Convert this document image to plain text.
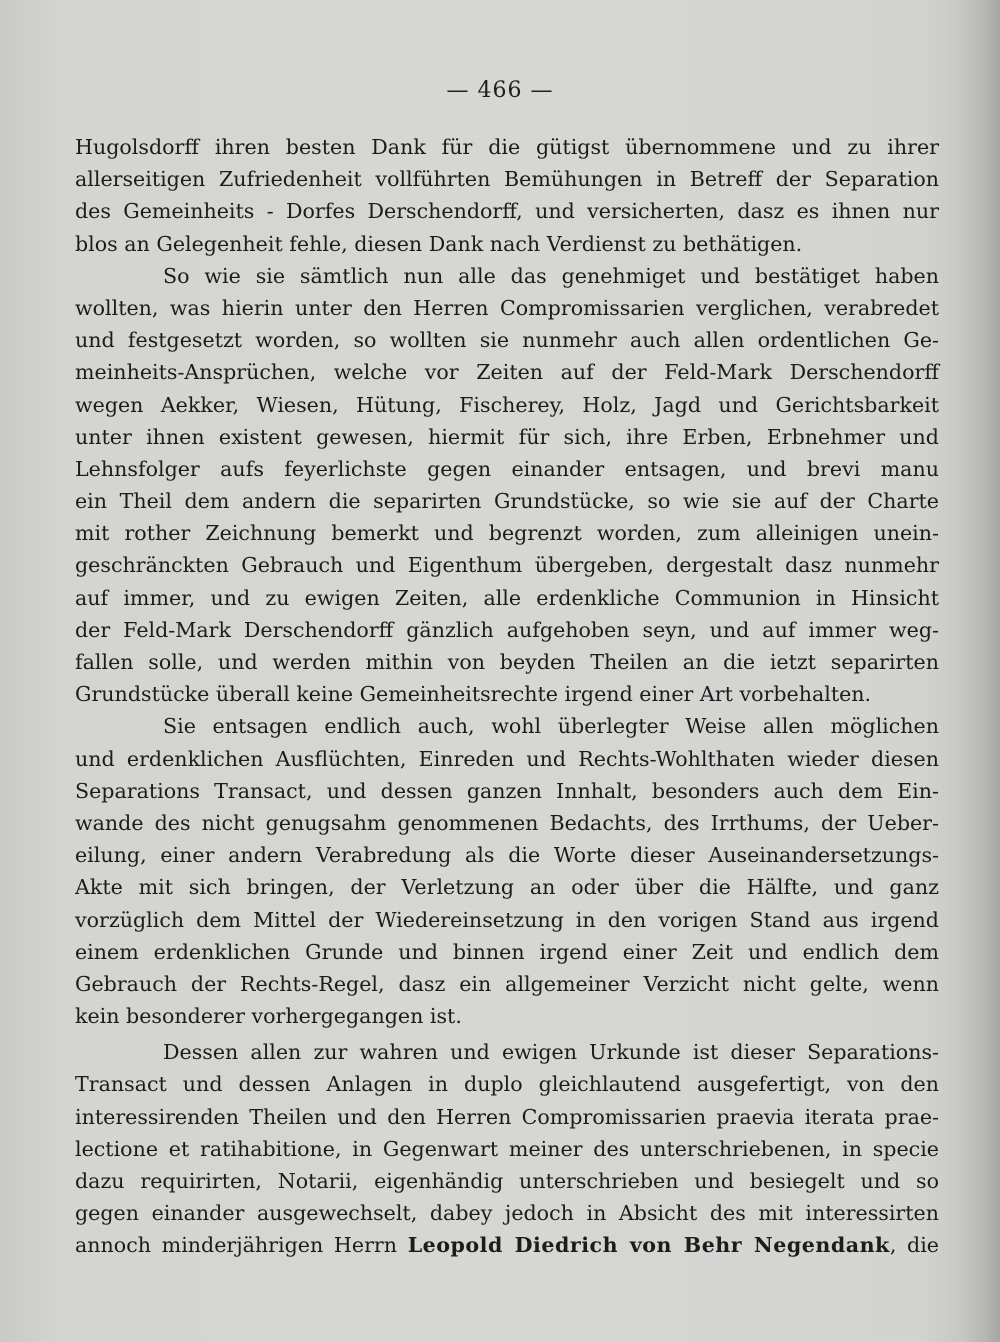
— 466 —
Hugolsdorff ihren besten Dank für die gütigst übernommene und zu ihrer
allerseitigen Zufriedenheit vollführten Bemühungen in Betreff der Separation
des Gemeinheits - Dorfes Derschendorff, und versicherten, dasz es ihnen nur
blos an Gelegenheit fehle, diesen Dank nach Verdienst zu bethätigen.
So wie sie sämtlich nun alle das genehmiget und bestätiget haben
wollten, was hierin unter den Herren Compromissarien verglichen, verabredet
und festgesetzt worden, so wollten sie nunmehr auch allen ordentlichen Ge-
meinheits-Ansprüchen, welche vor Zeiten auf der Feld-Mark Derschendorff
wegen Aekker, Wiesen, Hütung, Fischerey, Holz, Jagd und Gerichtsbarkeit
unter ihnen existent gewesen, hiermit für sich, ihre Erben, Erbnehmer und
Lehnsfolger aufs feyerlichste gegen einander entsagen, und brevi manu
ein Theil dem andern die separirten Grundstücke, so wie sie auf der Charte
mit rother Zeichnung bemerkt und begrenzt worden, zum alleinigen unein-
geschränckten Gebrauch und Eigenthum übergeben, dergestalt dasz nunmehr
auf immer, und zu ewigen Zeiten, alle erdenkliche Communion in Hinsicht
der Feld-Mark Derschendorff gänzlich aufgehoben seyn, und auf immer weg-
fallen solle, und werden mithin von beyden Theilen an die ietzt separirten
Grundstücke überall keine Gemeinheitsrechte irgend einer Art vorbehalten.
Sie entsagen endlich auch, wohl überlegter Weise allen möglichen
und erdenklichen Ausflüchten, Einreden und Rechts-Wohlthaten wieder diesen
Separations Transact, und dessen ganzen Innhalt, besonders auch dem Ein-
wande des nicht genugsahm genommenen Bedachts, des Irrthums, der Ueber-
eilung, einer andern Verabredung als die Worte dieser Auseinandersetzungs-
Akte mit sich bringen, der Verletzung an oder über die Hälfte, und ganz
vorzüglich dem Mittel der Wiedereinsetzung in den vorigen Stand aus irgend
einem erdenklichen Grunde und binnen irgend einer Zeit und endlich dem
Gebrauch der Rechts-Regel, dasz ein allgemeiner Verzicht nicht gelte, wenn
kein besonderer vorhergegangen ist.
Dessen allen zur wahren und ewigen Urkunde ist dieser Separations-
Transact und dessen Anlagen in duplo gleichlautend ausgefertigt, von den
interessirenden Theilen und den Herren Compromissarien praevia iterata prae-
lectione et ratihabitione, in Gegenwart meiner des unterschriebenen, in specie
dazu requirirten, Notarii, eigenhändig unterschrieben und besiegelt und so
gegen einander ausgewechselt, dabey jedoch in Absicht des mit interessirten
annoch minderjährigen Herrn Leopold Diedrich von Behr Negendank, die
